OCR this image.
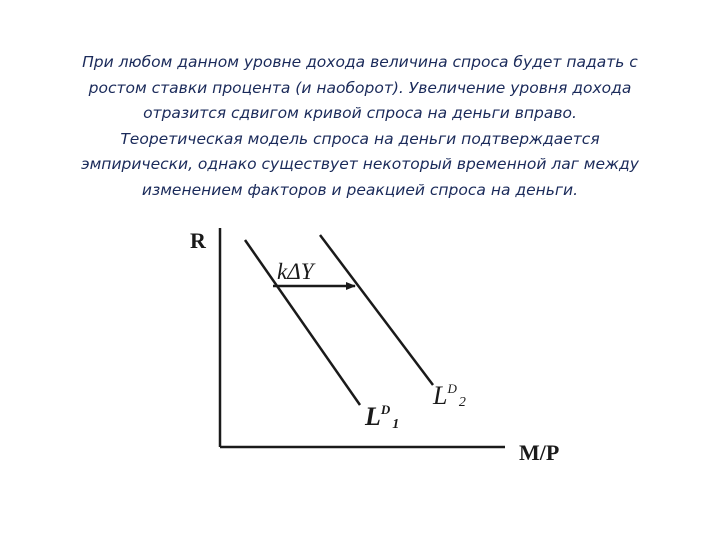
При любом данном уровне дохода величина спроса будет падать с
ростом ставки процента (и наоборот). Увеличение уровня дохода
отразится сдвигом кривой спроса на деньги вправо.
Теоретическая модель спроса на деньги подтверждается
эмпирически, однако существует некоторый временной лаг между
изменением факторов и реакцией спроса на деньги.
R
M/P
kΔY
$L^D_1$
$L^D_2$
